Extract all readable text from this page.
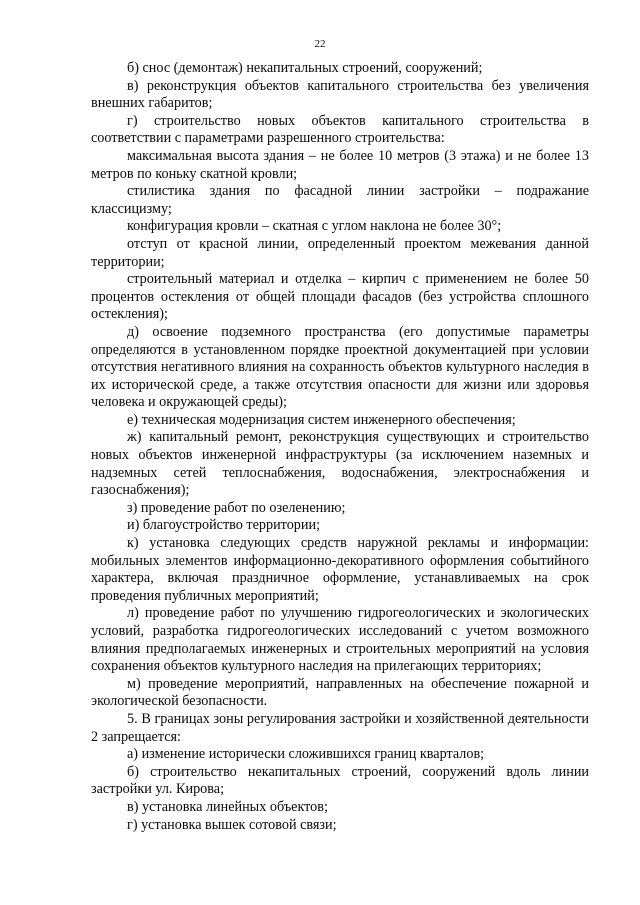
22

б) снос (демонтаж) некапитальных строений, сооружений;

в) реконструкция объектов капитального строительства без увеличения внешних габаритов;

г) строительство новых объектов капитального строительства в соответствии с параметрами разрешенного строительства:

максимальная высота здания – не более 10 метров (3 этажа) и не более 13 метров по коньку скатной кровли;

стилистика здания по фасадной линии застройки – подражание классицизму;

конфигурация кровли – скатная с углом наклона не более 30°;

отступ от красной линии, определенный проектом межевания данной территории;

строительный материал и отделка – кирпич с применением не более 50 процентов остекления от общей площади фасадов (без устройства сплошного остекления);

д) освоение подземного пространства (его допустимые параметры определяются в установленном порядке проектной документацией при условии отсутствия негативного влияния на сохранность объектов культурного наследия в их исторической среде, а также отсутствия опасности для жизни или здоровья человека и окружающей среды);

е) техническая модернизация систем инженерного обеспечения;

ж) капитальный ремонт, реконструкция существующих и строительство новых объектов инженерной инфраструктуры (за исключением наземных и надземных сетей теплоснабжения, водоснабжения, электроснабжения и газоснабжения);

з) проведение работ по озеленению;

и) благоустройство территории;

к) установка следующих средств наружной рекламы и информации: мобильных элементов информационно-декоративного оформления событийного характера, включая праздничное оформление, устанавливаемых на срок проведения публичных мероприятий;

л) проведение работ по улучшению гидрогеологических и экологических условий, разработка гидрогеологических исследований с учетом возможного влияния предполагаемых инженерных и строительных мероприятий на условия сохранения объектов культурного наследия на прилегающих территориях;

м) проведение мероприятий, направленных на обеспечение пожарной и экологической безопасности.

5. В границах зоны регулирования застройки и хозяйственной деятельности 2 запрещается:

а) изменение исторически сложившихся границ кварталов;

б) строительство некапитальных строений, сооружений вдоль линии застройки ул. Кирова;

в) установка линейных объектов;

г) установка вышек сотовой связи;
